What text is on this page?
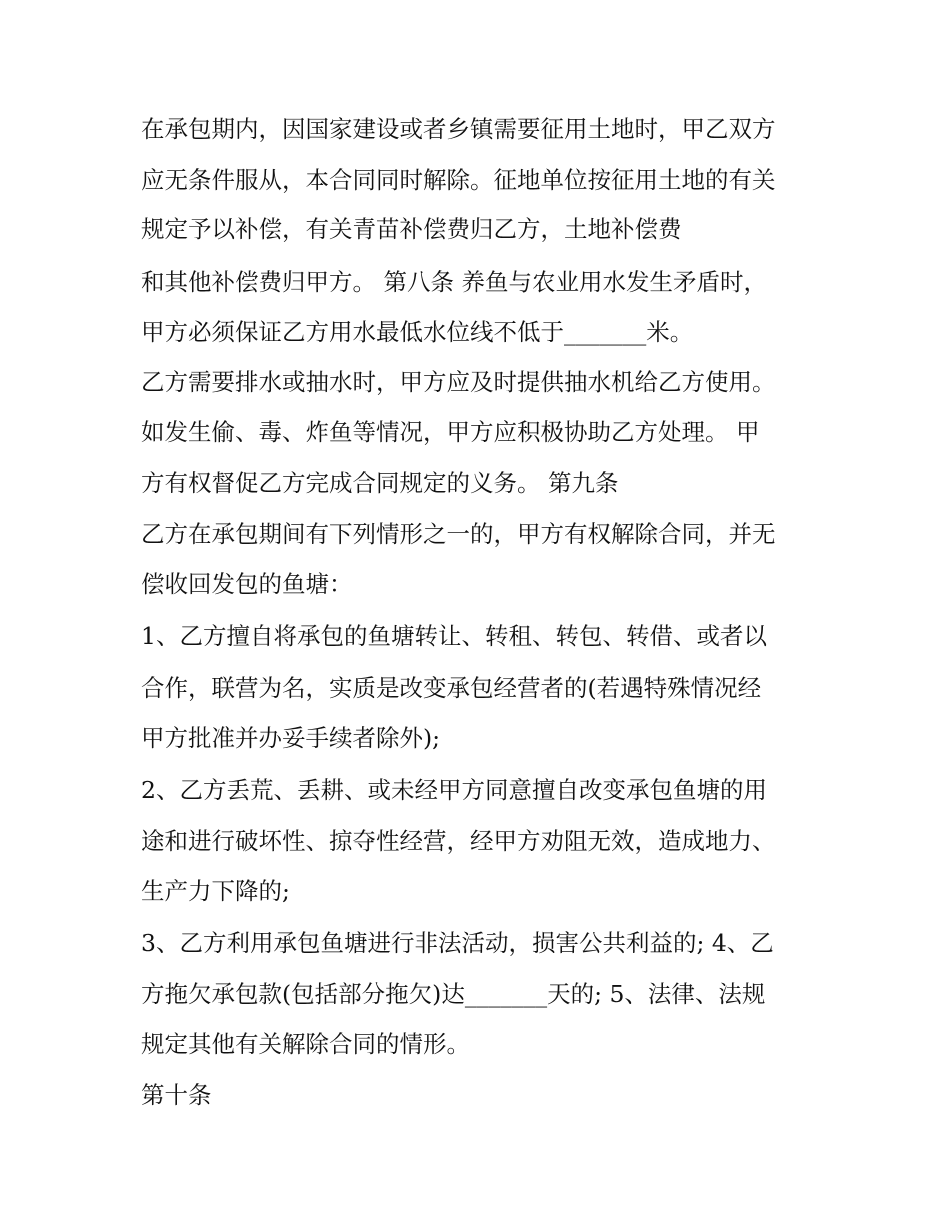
在承包期内，因国家建设或者乡镇需要征用土地时，甲乙双方
应无条件服从，本合同同时解除。征地单位按征用土地的有关
规定予以补偿，有关青苗补偿费归乙方，土地补偿费
和其他补偿费归甲方。 第八条 养鱼与农业用水发生矛盾时，
甲方必须保证乙方用水最低水位线不低于_______米。
乙方需要排水或抽水时，甲方应及时提供抽水机给乙方使用。
如发生偷、毒、炸鱼等情况，甲方应积极协助乙方处理。 甲
方有权督促乙方完成合同规定的义务。 第九条
乙方在承包期间有下列情形之一的，甲方有权解除合同，并无
偿收回发包的鱼塘：
1、乙方擅自将承包的鱼塘转让、转租、转包、转借、或者以
合作，联营为名，实质是改变承包经营者的(若遇特殊情况经
甲方批准并办妥手续者除外);
2、乙方丢荒、丢耕、或未经甲方同意擅自改变承包鱼塘的用
途和进行破坏性、掠夺性经营，经甲方劝阻无效，造成地力、
生产力下降的;
3、乙方利用承包鱼塘进行非法活动，损害公共利益的; 4、乙
方拖欠承包款(包括部分拖欠)达_______天的; 5、法律、法规
规定其他有关解除合同的情形。
第十条
